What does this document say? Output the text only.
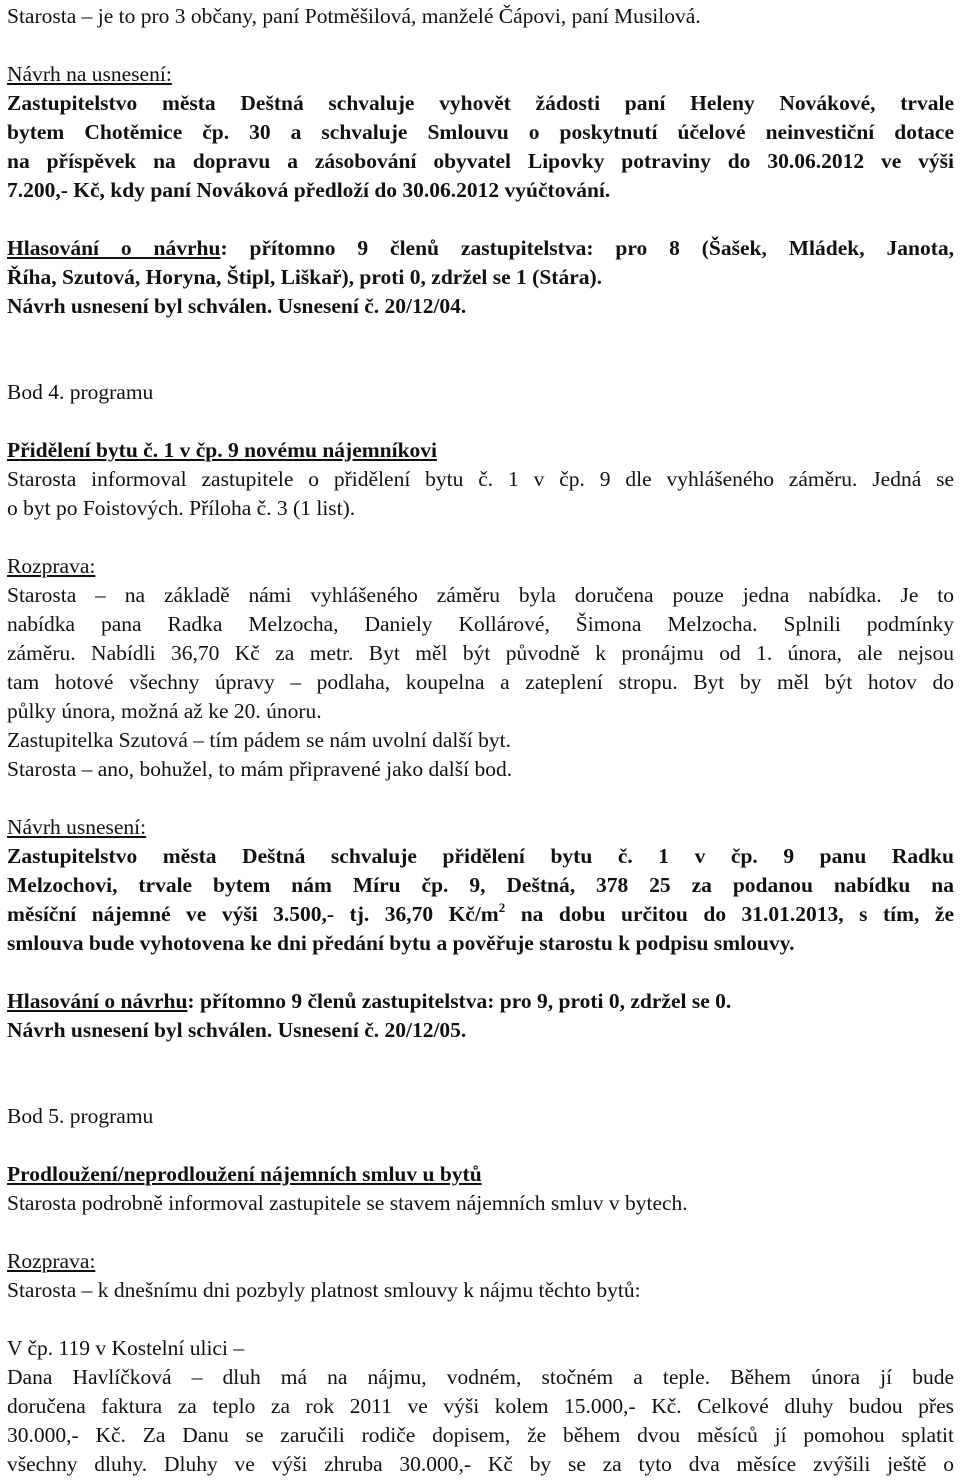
Starosta – je to pro 3 občany, paní Potměšilová, manželé Čápovi, paní Musilová.
Návrh na usnesení:
Zastupitelstvo města Deštná schvaluje vyhovět žádosti paní Heleny Novákové, trvale
bytem Chotěmice čp. 30 a schvaluje Smlouvu o poskytnutí účelové neinvestiční dotace
na příspěvek na dopravu a zásobování obyvatel Lipovky potraviny do 30.06.2012 ve výši
7.200,- Kč, kdy paní Nováková předloží do 30.06.2012 vyúčtování.
Hlasování o návrhu: přítomno 9 členů zastupitelstva: pro 8 (Šašek, Mládek, Janota,
Říha, Szutová, Horyna, Štipl, Liškař), proti 0, zdržel se 1 (Stára).
Návrh usnesení byl schválen. Usnesení č. 20/12/04.
Bod 4. programu
Přidělení bytu č. 1 v čp. 9 novému nájemníkovi
Starosta informoval zastupitele o přidělení bytu č. 1 v čp. 9 dle vyhlášeného záměru. Jedná se
o byt po Foistových. Příloha č. 3 (1 list).
Rozprava:
Starosta – na základě námi vyhlášeného záměru byla doručena pouze jedna nabídka. Je to
nabídka pana Radka Melzocha, Daniely Kollárové, Šimona Melzocha. Splnili podmínky
záměru. Nabídli 36,70 Kč za metr. Byt měl být původně k pronájmu od 1. února, ale nejsou
tam hotové všechny úpravy – podlaha, koupelna a zateplení stropu. Byt by měl být hotov do
půlky února, možná až ke 20. únoru.
Zastupitelka Szutová – tím pádem se nám uvolní další byt.
Starosta – ano, bohužel, to mám připravené jako další bod.
Návrh usnesení:
Zastupitelstvo města Deštná schvaluje přidělení bytu č. 1 v čp. 9 panu Radku
Melzochovi, trvale bytem nám Míru čp. 9, Deštná, 378 25 za podanou nabídku na
měsíční nájemné ve výši 3.500,- tj. 36,70 $Kč/m^2$ na dobu určitou do 31.01.2013, s tím, že
smlouva bude vyhotovena ke dni předání bytu a pověřuje starostu k podpisu smlouvy.
Hlasování o návrhu: přítomno 9 členů zastupitelstva: pro 9, proti 0, zdržel se 0.
Návrh usnesení byl schválen. Usnesení č. 20/12/05.
Bod 5. programu
Prodloužení/neprodloužení nájemních smluv u bytů
Starosta podrobně informoval zastupitele se stavem nájemních smluv v bytech.
Rozprava:
Starosta – k dnešnímu dni pozbyly platnost smlouvy k nájmu těchto bytů:
V čp. 119 v Kostelní ulici –
Dana Havlíčková – dluh má na nájmu, vodném, stočném a teple. Během února jí bude
doručena faktura za teplo za rok 2011 ve výši kolem 15.000,- Kč. Celkové dluhy budou přes
30.000,- Kč. Za Danu se zaručili rodiče dopisem, že během dvou měsíců jí pomohou splatit
všechny dluhy. Dluhy ve výši zhruba 30.000,- Kč by se za tyto dva měsíce zvýšili ještě o
